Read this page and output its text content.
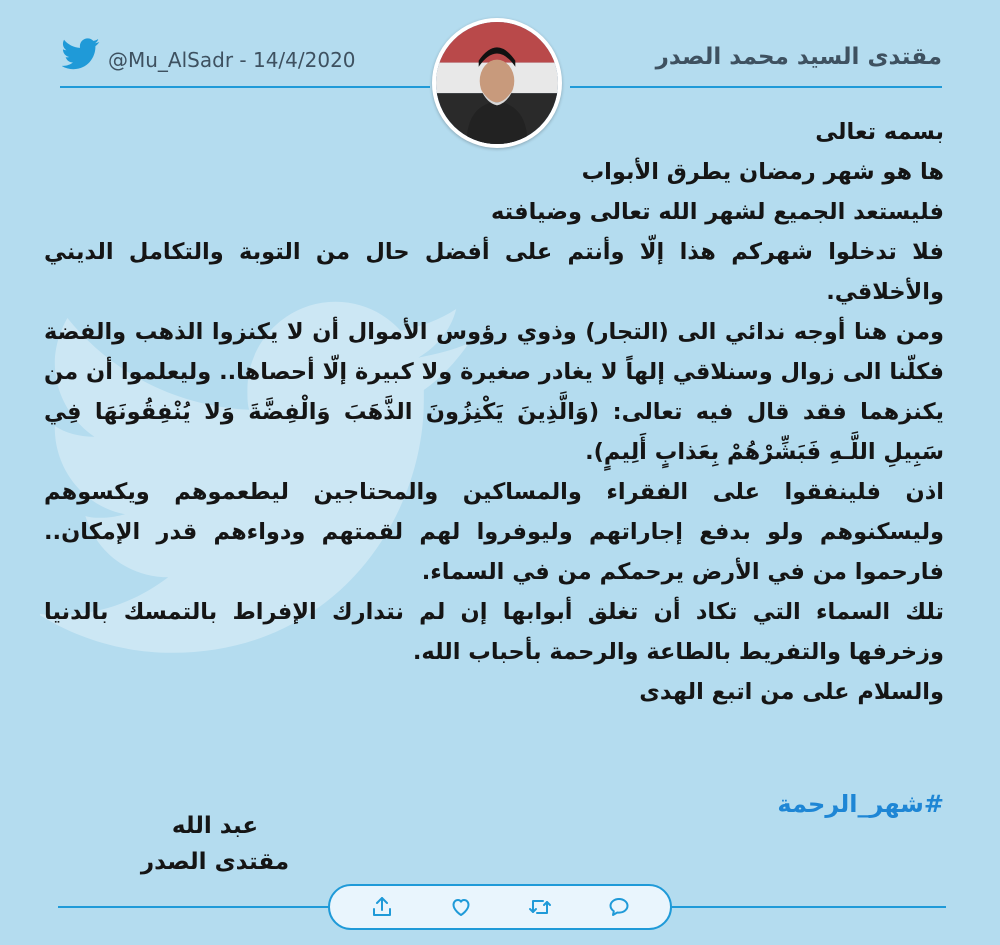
@Mu_AlSadr - 14/4/2020	مقتدى السيد محمد الصدر

بسمه تعالى

ها هو شهر رمضان يطرق الأبواب

فليستعد الجميع لشهر الله تعالى وضيافته

فلا تدخلوا شهركم هذا إلّا وأنتم على أفضل حال من التوبة والتكامل الديني والأخلاقي.

ومن هنا أوجه ندائي الى (التجار) وذوي رؤوس الأموال أن لا يكنزوا الذهب والفضة فكلّنا الى زوال وسنلاقي إلهاً لا يغادر صغيرة ولا كبيرة إلّا أحصاها.. وليعلموا أن من يكنزهما فقد قال فيه تعالى: (وَالَّذِينَ يَكْنِزُونَ الذَّهَبَ وَالْفِضَّةَ وَلا يُنْفِقُونَهَا فِي سَبِيلِ اللَّـهِ فَبَشِّرْهُمْ بِعَذابٍ أَلِيمٍ).

اذن فلينفقوا على الفقراء والمساكين والمحتاجين ليطعموهم ويكسوهم وليسكنوهم ولو بدفع إجاراتهم وليوفروا لهم لقمتهم ودواءهم قدر الإمكان.. فارحموا من في الأرض يرحمكم من في السماء.

تلك السماء التي تكاد أن تغلق أبوابها إن لم نتدارك الإفراط بالتمسك بالدنيا وزخرفها والتفريط بالطاعة والرحمة بأحباب الله.

والسلام على من اتبع الهدى

#شهر_الرحمة
عبد الله
مقتدى الصدر
